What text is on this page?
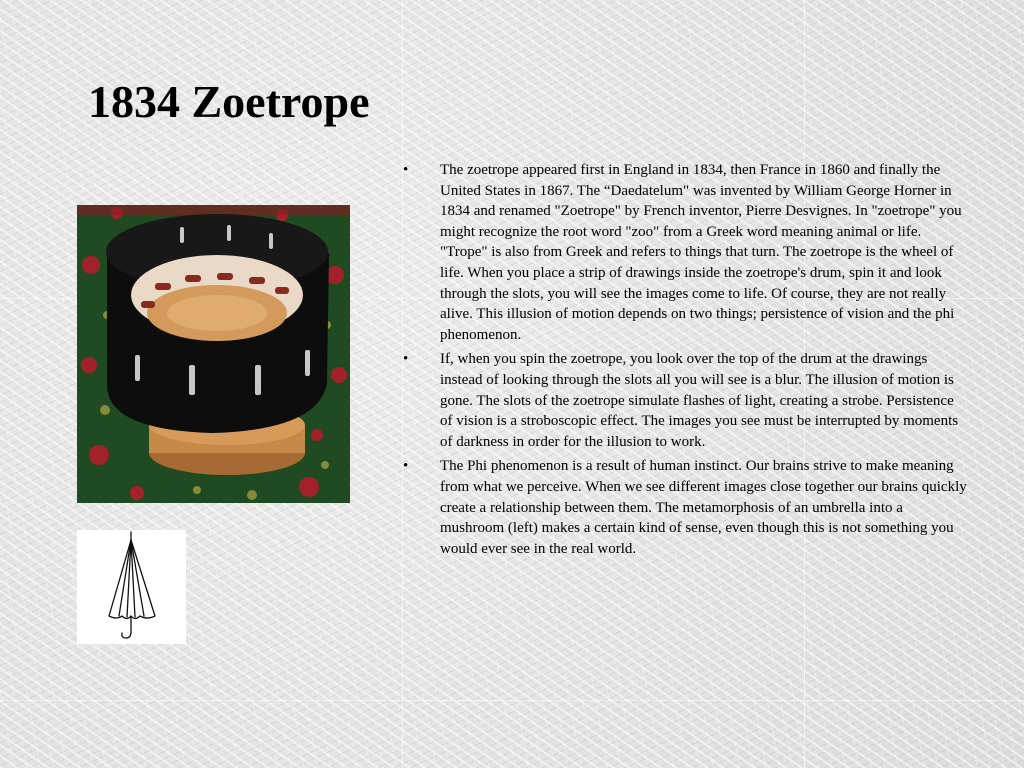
1834 Zoetrope
• The zoetrope appeared first in England in 1834, then France in 1860 and finally the United States in 1867. The “Daedatelum" was invented by William George Horner in 1834 and renamed "Zoetrope" by French inventor, Pierre Desvignes. In "zoetrope" you might recognize the root word "zoo" from a Greek word meaning animal or life. "Trope" is also from Greek and refers to things that turn. The zoetrope is the wheel of life. When you place a strip of drawings inside the zoetrope's drum, spin it and look through the slots, you will see the images come to life. Of course, they are not really alive. This illusion of motion depends on two things; persistence of vision and the phi phenomenon.
• If, when you spin the zoetrope, you look over the top of the drum at the drawings instead of looking through the slots all you will see is a blur. The illusion of motion is gone. The slots of the zoetrope simulate flashes of light, creating a strobe. Persistence of vision is a stroboscopic effect. The images you see must be interrupted by moments of darkness in order for the illusion to work.
• The Phi phenomenon is a result of human instinct. Our brains strive to make meaning from what we perceive. When we see different images close together our brains quickly create a relationship between them. The metamorphosis of an umbrella into a mushroom (left) makes a certain kind of sense, even though this is not something you would ever see in the real world.
